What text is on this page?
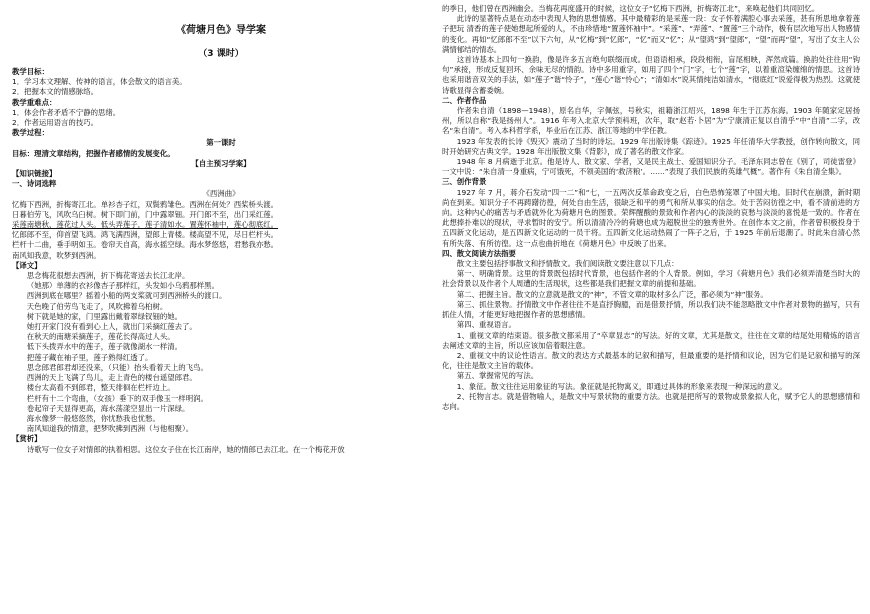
《荷塘月色》导学案
（3 课时）

教学目标：

1．学习本文理解、传神的语言，体会散文的语言美。

2．把握本文的情感脉络。

教学重难点：

1．体会作者矛盾不宁静的思绪。

2．作者运用语言的技巧。

教学过程：

第一课时

目标：理清文章结构，把握作者感情的发展变化。

【自主预习学案】

【知识链接】

一、诗词选粹

《西洲曲》

忆梅下西洲，折梅寄江北。单衫杏子红，双鬓鸦雏色。西洲在何处？西桨桥头渡。

日暮伯劳飞，风吹乌臼树。树下即门前，门中露翠钿。开门郎不至，出门采红莲。

采莲南塘秋，莲花过人头。低头弄莲子，莲子清如水。置莲怀袖中，莲心彻底红。

忆郎郎不至，仰首望飞鸿。鸿飞满西洲，望郎上青楼。楼高望不见，尽日栏杆头。

栏杆十二曲，垂手明如玉。卷帘天自高，海水摇空绿。海水梦悠悠，君愁我亦愁。

南风知我意，吹梦到西洲。

【译文】

思念梅花很想去西洲，折下梅花寄送去长江北岸。

（她那）单薄的衣衫像杏子那样红，头发如小乌鸦那样黑。

西洲到底在哪里？摇着小船的两支桨就可到西洲桥头的渡口。

天色晚了伯劳鸟飞走了，风吹拂着乌桕树。

树下就是她的家，门里露出戴着翠绿钗钿的她。

她打开家门没有看到心上人，就出门采摘红莲去了。

在秋天的南塘采摘莲子，莲花长得高过人头。

低下头拨弄水中的莲子，莲子就像湖水一样清。

把莲子藏在袖子里，莲子熟得红透了。

思念郎君郎君却还没来，（只能）抬头看着天上的飞鸟。

西洲的天上飞满了鸟儿，走上青色的楼台遥望郎君。

楼台太高看不到郎君，整天徘徊在栏杆边上。

栏杆有十二个弯曲，（女孩）垂下的双手像玉一样明润。

卷起帘子天显得更高，海水荡漾空显出一片深绿。

海水像梦一般悠悠然，你忧愁我也忧愁。

南风知道我的情意，把梦吹拂到西洲（与他相聚）。

【赏析】

诗歌写一位女子对情郎的执着相思。这位女子住在长江南岸，她的情郎已去江北。在一个梅花开放

的季日，他们曾在西洲幽会。当梅花再度盛开的时候，这位女子“忆梅下西洲，折梅寄江北”，来唤起他们共同回忆。

此诗的显著特点是在动态中表现人物的思想情感。其中最精彩的是采莲一段：女子怀着满腔心事去采莲，甚有所思地拿着莲子把玩 清香的莲子使她想起所爱的人，不由珍惜地“置莲怀袖中”。“采莲”、“弄莲”、“置莲”三个动作，极有层次地写出人物感情的变化。再如“忆郎郎不至”以下六句，从“忆梅”到“忆郎”，“忆”而又“忆”；从“望鸿”到“望郎”，“望”而再“望”，写出了女主人公满情郁结的情态。

这首诗基本上四句一换韵，像是许多五言绝句联缀而成。但语语相承，段段相衔，盲尾相映，浑然成篇。换韵处往往用“钩句”承接，形成反复回环、余味无尽的情韵。诗中多用重字，如用了四个“门”字，七个“莲”字，以着重渲染缠绵的情思。这首诗也采用谐音双关的手法，如“莲子”谐“怜子”，“莲心”谐“怜心”；“清如水”说其情纯洁如清水，“彻底红”说爱得极为热烈。这就使诗歌显得含蓄委婉。

二、作者作品

作者朱自清（1898—1948），原名自华，字佩弦，号秋实，祖籍浙江绍兴，1898 年生于江苏东海。1903 年随家定居扬州，所以自称“我是扬州人”。1916 年考入北京大学预科班，次年，取“赵若·卜居”为“宁康清正复以自清乎”中“自清”二字，改名“朱自清”。考入本科哲学系，毕业后在江苏、浙江等地的中学任教。

1923 年发表的长诗《毁灭》震动了当时的诗坛。1929 年出版诗集《踪迹》。1925 年任清华大学教授，创作转向散文，同时开始研究古典文学。1928 年出版散文集《背影》，成了著名的散文作家。

1948 年 8 月病逝于北京。他是诗人、散文家、学者，又是民主战士、爱国知识分子。毛泽东同志曾在《别了，司徒雷登》一文中说：“朱自清一身重病，宁可饿死，不领美国的‘救济粮’。……”表现了我们民族的英雄气概”。著作有《朱自清全集》。

三、创作背景

1927 年 7 月，蒋介石发动“四一二”和“七，一五两次反革命政变之后，白色恐怖笼罩了中国大地。旧时代在崩溃，新时期尚在到来。知识分子不再踌躇彷徨，何处自由生活，很缺乏和平的勇气和所从事实的信念。处于苦闷彷徨之中，看不清前进的方向。这种内心的痛苦与矛盾就外化为荷塘月色的图景。荣辉醒酸的景致和作者内心的淡淡的哀愁与淡淡的喜悦是一致的。作者在此想捧扑难以的现状，寻求暂时的安宁。所以清清冷冷的荷塘也成为超脱世尘的独秀世外。在创作本文之前，作者曾积极投身于五四新文化运动，是五四新文化运动的一员干将。五四新文化运动热闹了一阵子之后，于 1925 年前后退潮了。时此朱自清心然有所失落、有所彷徨。这一点也曲折地在《荷塘月色》中反映了出来。

四、散文阅读方法指要

散文主要包括抒事散文和抒情散文。我们阅读散文要注意以下几点：

第一、明确背景。这里的背景既包括时代背景，也包括作者的个人背景。例如，学习《荷塘月色》我们必须弄清楚当时大的社会背景以及作者个人周遭的生活现状，这些都是我们把握文章的前提和基础。

第二、把握主旨。散文的立意就是散文的“神”，不管文章的取材多么广泛，都必须为“神”服务。

第三、抓住景物。抒情散文中作者往往不是直抒胸臆，而是借景抒情，所以我们决不能忽略散文中作者对景物的描写，只有抓住人情，才能更好地把握作者的思想感情。

第四、重视语言。

1、重视文章的结束语。很多散文都采用了“卒章显志”的写法。好的文章，尤其是散文，往往在文章的结尾处用精炼的语言去阐述文章的主旨，所以应该加倍着眼注意。

2、重视文中的议论性语言。散文的表达方式最基本的记叙和描写，但最重要的是抒情和议论，因为它们是记叙和描写的深化，往往是散文主旨的载体。

第五、掌握常见的写法。

1、象征。散文往往运用象征的写法。象征就是托物寓义，即通过具体的形象来表现一种深远的意义。

2、托物言志。就是借物喻人，是散文中写景状物的重要方法。也就是把所写的景物或景象拟人化，赋予它人的思想感情和志向。
